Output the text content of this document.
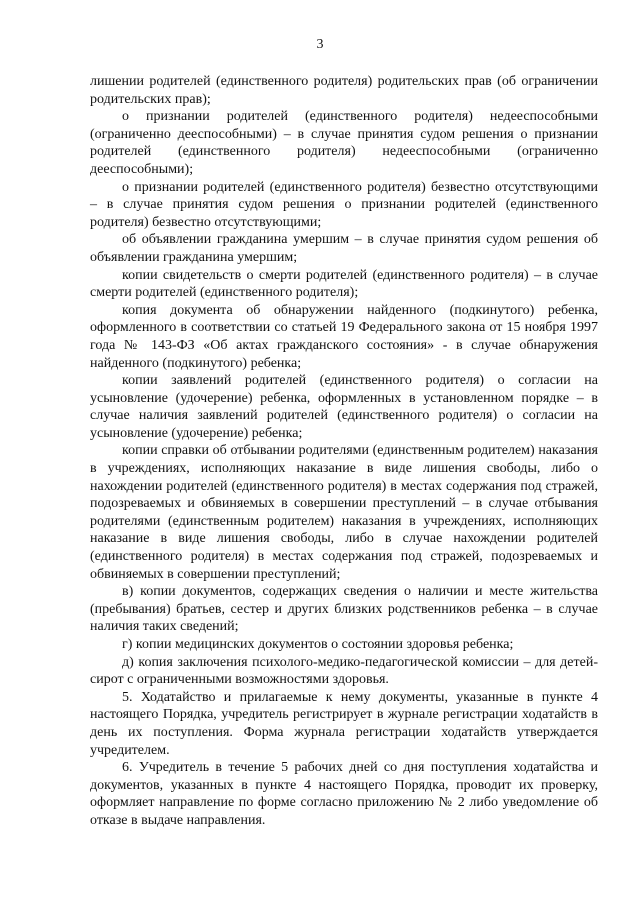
3

лишении родителей (единственного родителя) родительских прав (об ограничении родительских прав);

о признании родителей (единственного родителя) недееспособными (ограниченно дееспособными) – в случае принятия судом решения о признании родителей (единственного родителя) недееспособными (ограниченно дееспособными);

о признании родителей (единственного родителя) безвестно отсутствующими – в случае принятия судом решения о признании родителей (единственного родителя) безвестно отсутствующими;

об объявлении гражданина умершим – в случае принятия судом решения об объявлении гражданина умершим;

копии свидетельств о смерти родителей (единственного родителя) – в случае смерти родителей (единственного родителя);

копия документа об обнаружении найденного (подкинутого) ребенка, оформленного в соответствии со статьей 19 Федерального закона от 15 ноября 1997 года № 143-ФЗ «Об актах гражданского состояния» - в случае обнаружения найденного (подкинутого) ребенка;

копии заявлений родителей (единственного родителя) о согласии на усыновление (удочерение) ребенка, оформленных в установленном порядке – в случае наличия заявлений родителей (единственного родителя) о согласии на усыновление (удочерение) ребенка;

копии справки об отбывании родителями (единственным родителем) наказания в учреждениях, исполняющих наказание в виде лишения свободы, либо о нахождении родителей (единственного родителя) в местах содержания под стражей, подозреваемых и обвиняемых в совершении преступлений – в случае отбывания родителями (единственным родителем) наказания в учреждениях, исполняющих наказание в виде лишения свободы, либо в случае нахождении родителей (единственного родителя) в местах содержания под стражей, подозреваемых и обвиняемых в совершении преступлений;

в) копии документов, содержащих сведения о наличии и месте жительства (пребывания) братьев, сестер и других близких родственников ребенка – в случае наличия таких сведений;

г) копии медицинских документов о состоянии здоровья ребенка;

д) копия заключения психолого-медико-педагогической комиссии – для детей-сирот с ограниченными возможностями здоровья.

5. Ходатайство и прилагаемые к нему документы, указанные в пункте 4 настоящего Порядка, учредитель регистрирует в журнале регистрации ходатайств в день их поступления. Форма журнала регистрации ходатайств утверждается учредителем.

6. Учредитель в течение 5 рабочих дней со дня поступления ходатайства и документов, указанных в пункте 4 настоящего Порядка, проводит их проверку, оформляет направление по форме согласно приложению № 2 либо уведомление об отказе в выдаче направления.
